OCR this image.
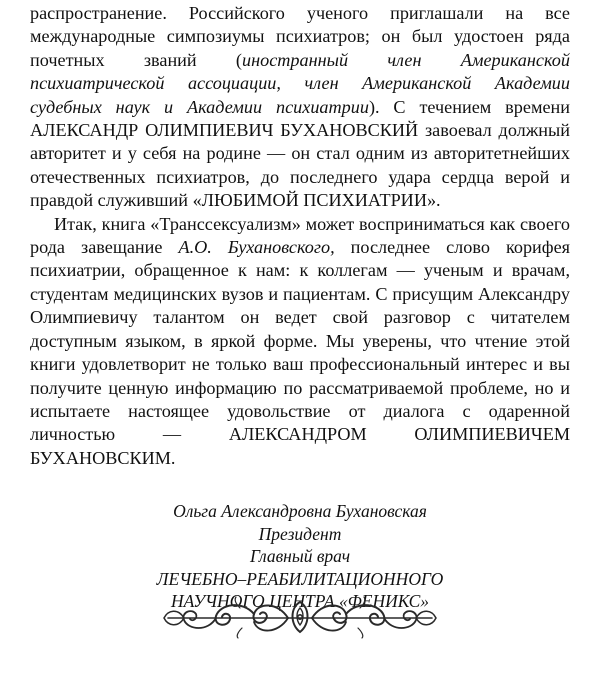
распространение. Российского ученого приглашали на все международные симпозиумы психиатров; он был удостоен ряда почетных званий (иностранный член Американской психиатрической ассоциации, член Американской Академии судебных наук и Академии психиатрии). С течением времени АЛЕКСАНДР ОЛИМПИЕВИЧ БУХАНОВСКИЙ завоевал должный авторитет и у себя на родине — он стал одним из авторитетнейших отечественных психиатров, до последнего удара сердца верой и правдой служивший «ЛЮБИМОЙ ПСИХИАТРИИ».

Итак, книга «Транссексуализм» может восприниматься как своего рода завещание А.О. Бухановского, последнее слово корифея психиатрии, обращенное к нам: к коллегам — ученым и врачам, студентам медицинских вузов и пациентам. С присущим Александру Олимпиевичу талантом он ведет свой разговор с читателем доступным языком, в яркой форме. Мы уверены, что чтение этой книги удовлетворит не только ваш профессиональный интерес и вы получите ценную информацию по рассматриваемой проблеме, но и испытаете настоящее удовольствие от диалога с одаренной личностью — АЛЕКСАНДРОМ ОЛИМПИЕВИЧЕМ БУХАНОВСКИМ.

Ольга Александровна Бухановская
Президент
Главный врач
ЛЕЧЕБНО–РЕАБИЛИТАЦИОННОГО
НАУЧНОГО ЦЕНТРА «ФЕНИКС»
